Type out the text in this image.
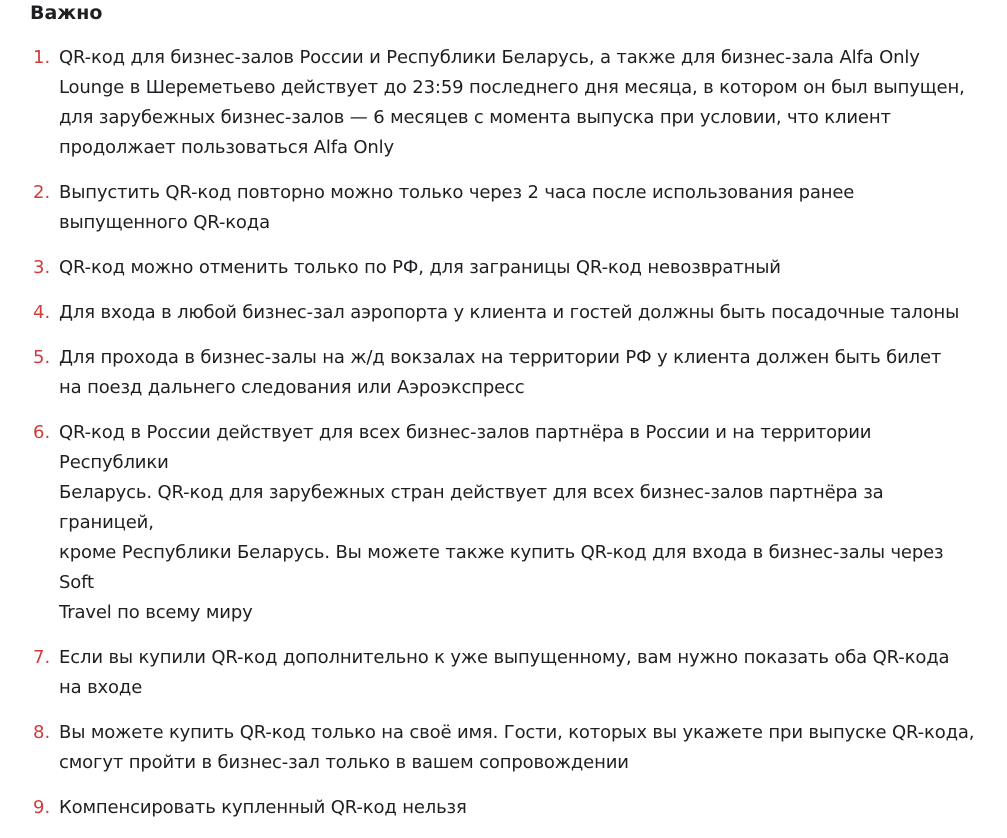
Важно
1. QR-код для бизнес-залов России и Республики Беларусь, а также для бизнес-зала Alfa Only
Lounge в Шереметьево действует до 23:59 последнего дня месяца, в котором он был выпущен,
для зарубежных бизнес-залов — 6 месяцев с момента выпуска при условии, что клиент
продолжает пользоваться Alfa Only
2. Выпустить QR-код повторно можно только через 2 часа после использования ранее
выпущенного QR-кода
3. QR-код можно отменить только по РФ, для заграницы QR-код невозвратный
4. Для входа в любой бизнес-зал аэропорта у клиента и гостей должны быть посадочные талоны
5. Для прохода в бизнес-залы на ж/д вокзалах на территории РФ у клиента должен быть билет
на поезд дальнего следования или Аэроэкспресс
6. QR-код в России действует для всех бизнес-залов партнёра в России и на территории Республики
Беларусь. QR-код для зарубежных стран действует для всех бизнес-залов партнёра за границей,
кроме Республики Беларусь. Вы можете также купить QR-код для входа в бизнес-залы через Soft
Travel по всему миру
7. Если вы купили QR-код дополнительно к уже выпущенному, вам нужно показать оба QR-кода
на входе
8. Вы можете купить QR-код только на своё имя. Гости, которых вы укажете при выпуске QR-кода,
смогут пройти в бизнес-зал только в вашем сопровождении
9. Компенсировать купленный QR-код нельзя
